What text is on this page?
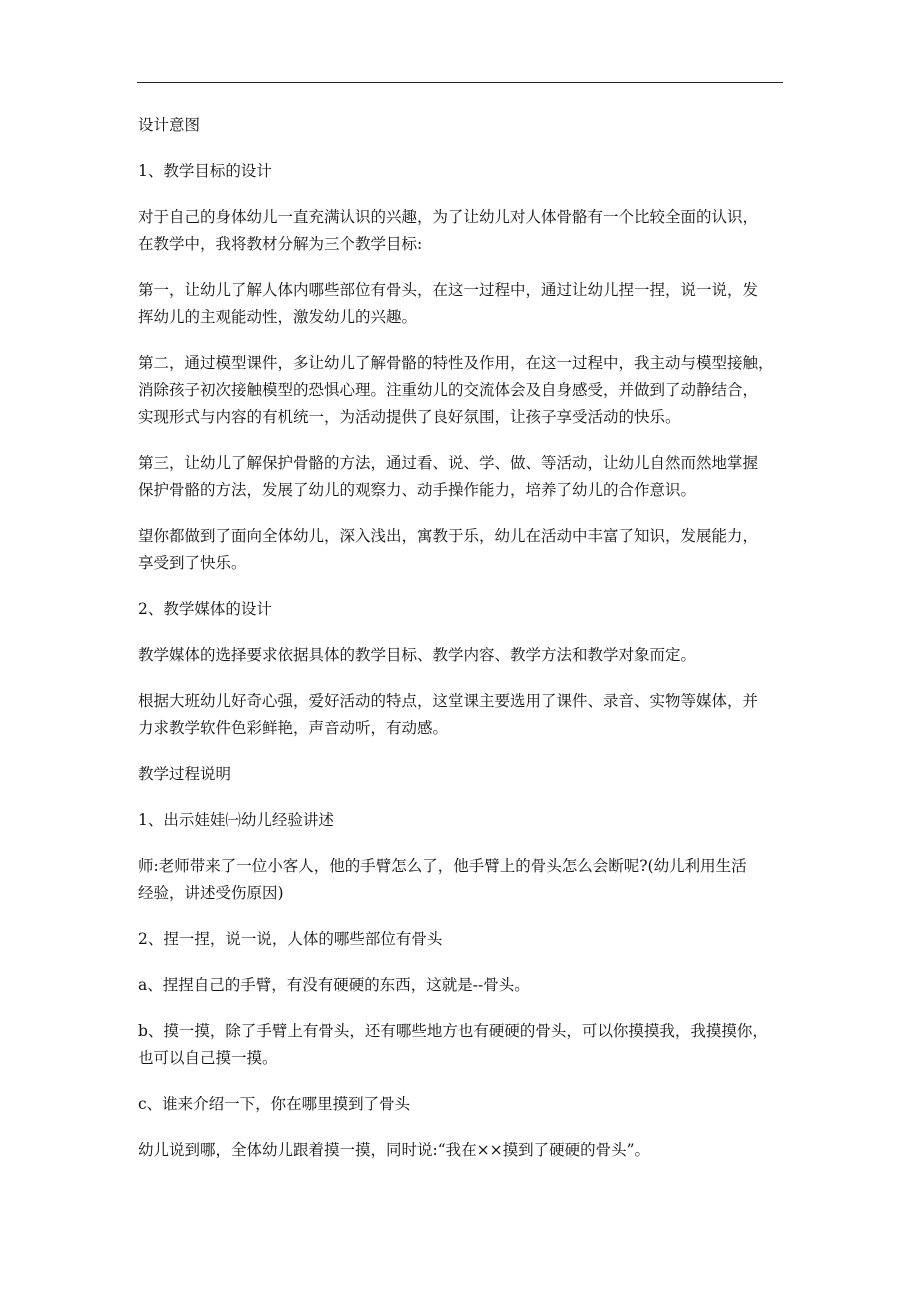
设计意图

1、教学目标的设计

对于自己的身体幼儿一直充满认识的兴趣，为了让幼儿对人体骨骼有一个比较全面的认识，
在教学中，我将教材分解为三个教学目标:

第一，让幼儿了解人体内哪些部位有骨头，在这一过程中，通过让幼儿捏一捏，说一说，发
挥幼儿的主观能动性，激发幼儿的兴趣。

第二，通过模型课件，多让幼儿了解骨骼的特性及作用，在这一过程中，我主动与模型接触，
消除孩子初次接触模型的恐惧心理。注重幼儿的交流体会及自身感受，并做到了动静结合，
实现形式与内容的有机统一，为活动提供了良好氛围，让孩子享受活动的快乐。

第三，让幼儿了解保护骨骼的方法，通过看、说、学、做、等活动，让幼儿自然而然地掌握
保护骨骼的方法，发展了幼儿的观察力、动手操作能力，培养了幼儿的合作意识。

望你都做到了面向全体幼儿，深入浅出，寓教于乐，幼儿在活动中丰富了知识，发展能力，
享受到了快乐。

2、教学媒体的设计

教学媒体的选择要求依据具体的教学目标、教学内容、教学方法和教学对象而定。

根据大班幼儿好奇心强，爱好活动的特点，这堂课主要选用了课件、录音、实物等媒体，并
力求教学软件色彩鲜艳，声音动听，有动感。

教学过程说明

1、出示娃娃㈠幼儿经验讲述

师:老师带来了一位小客人，他的手臂怎么了，他手臂上的骨头怎么会断呢?(幼儿利用生活
经验，讲述受伤原因)

2、捏一捏，说一说，人体的哪些部位有骨头

a、捏捏自己的手臂，有没有硬硬的东西，这就是--骨头。

b、摸一摸，除了手臂上有骨头，还有哪些地方也有硬硬的骨头，可以你摸摸我，我摸摸你，
也可以自己摸一摸。

c、谁来介绍一下，你在哪里摸到了骨头

幼儿说到哪，全体幼儿跟着摸一摸，同时说:“我在××摸到了硬硬的骨头”。
